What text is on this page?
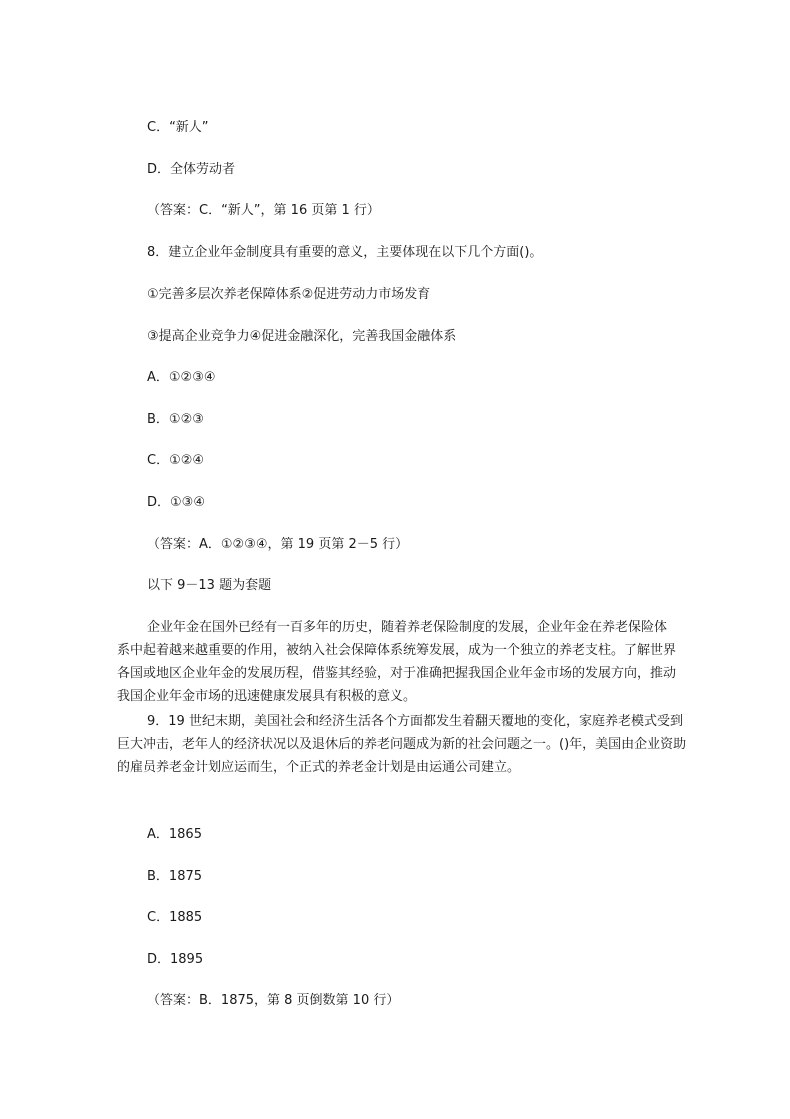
C．“新人”
D．全体劳动者
（答案：C．“新人”，第 16 页第 1 行）
8．建立企业年金制度具有重要的意义，主要体现在以下几个方面()。
①完善多层次养老保障体系②促进劳动力市场发育
③提高企业竞争力④促进金融深化，完善我国金融体系
A．①②③④
B．①②③
C．①②④
D．①③④
（答案：A．①②③④，第 19 页第 2－5 行）
以下 9－13 题为套题
企业年金在国外已经有一百多年的历史，随着养老保险制度的发展，企业年金在养老保险体系中起着越来越重要的作用，被纳入社会保障体系统筹发展，成为一个独立的养老支柱。了解世界各国或地区企业年金的发展历程，借鉴其经验，对于准确把握我国企业年金市场的发展方向，推动我国企业年金市场的迅速健康发展具有积极的意义。
9．19 世纪末期，美国社会和经济生活各个方面都发生着翻天覆地的变化，家庭养老模式受到巨大冲击，老年人的经济状况以及退休后的养老问题成为新的社会问题之一。()年，美国由企业资助的雇员养老金计划应运而生，个正式的养老金计划是由运通公司建立。
A．1865
B．1875
C．1885
D．1895
（答案：B．1875，第 8 页倒数第 10 行）
